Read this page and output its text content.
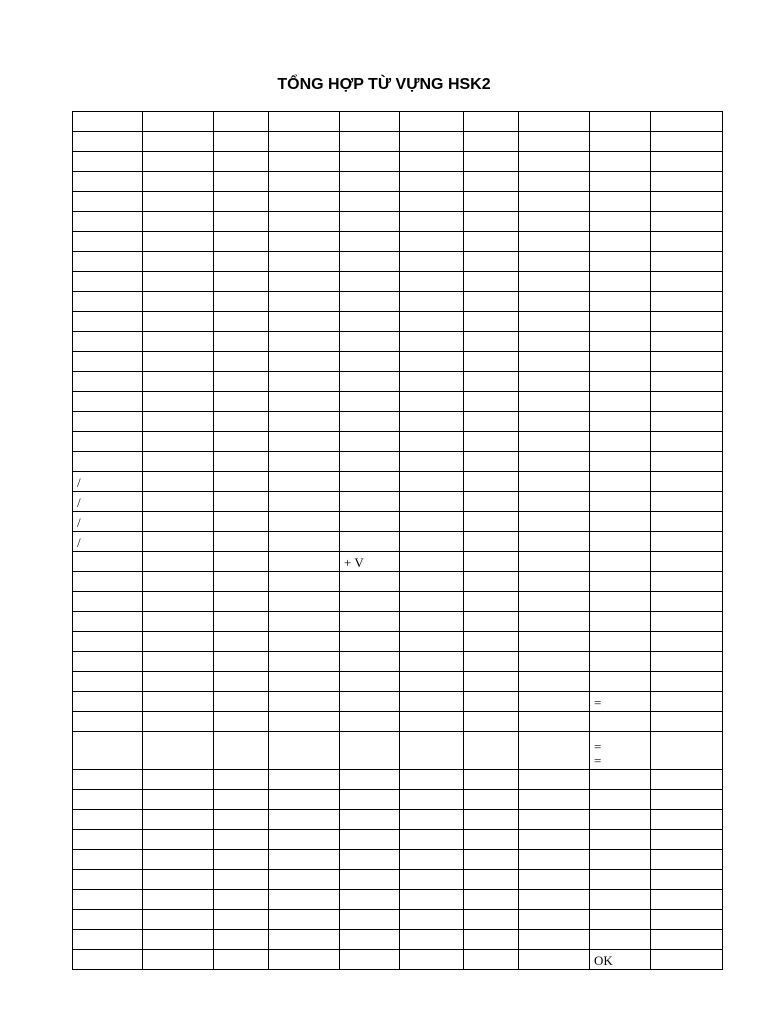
TỔNG HỢP TỪ VỰNG HSK2

/									
/									
/									
/									
				+ V					

								=	

								=
=	

								OK	
